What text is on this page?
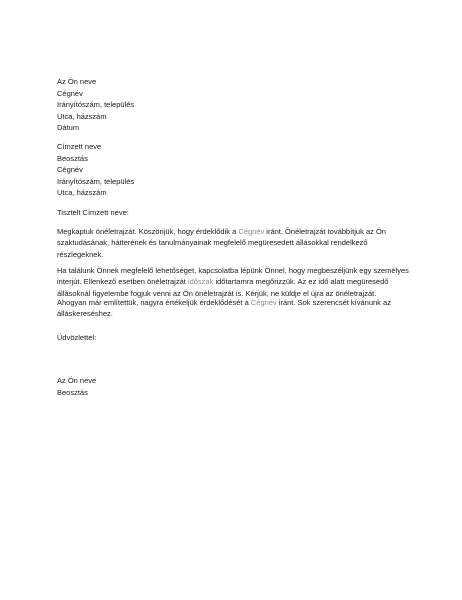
Az Ön neve
Cégnév
Irányítószám, település
Utca, házszám
Dátum
Címzett neve
Beosztás
Cégnév
Irányítószám, település
Utca, házszám
Tisztelt Címzett neve:
Megkaptuk önéletrajzát. Köszönjük, hogy érdeklődik a Cégnév iránt. Önéletrajzát továbbítjuk az Ön
szaktudásának, hátterének és tanulmányainak megfelelő megüresedett állásokkal rendelkező
részlegeknek.
Ha találunk Önnek megfelelő lehetőséget, kapcsolatba lépünk Önnel, hogy megbeszéljünk egy személyes
interjút. Ellenkező esetben önéletrajzát időszak időtartamra megőrizzük. Az ez idő alatt megüresedő
állásoknál figyelembe fogjuk venni az Ön önéletrajzát is. Kérjük, ne küldje el újra az önéletrajzát.
Ahogyan már említettük, nagyra értékeljük érdeklődését a Cégnév iránt. Sok szerencsét kívánunk az
álláskereséshez.
Üdvözlettel:
Az Ön neve
Beosztás
